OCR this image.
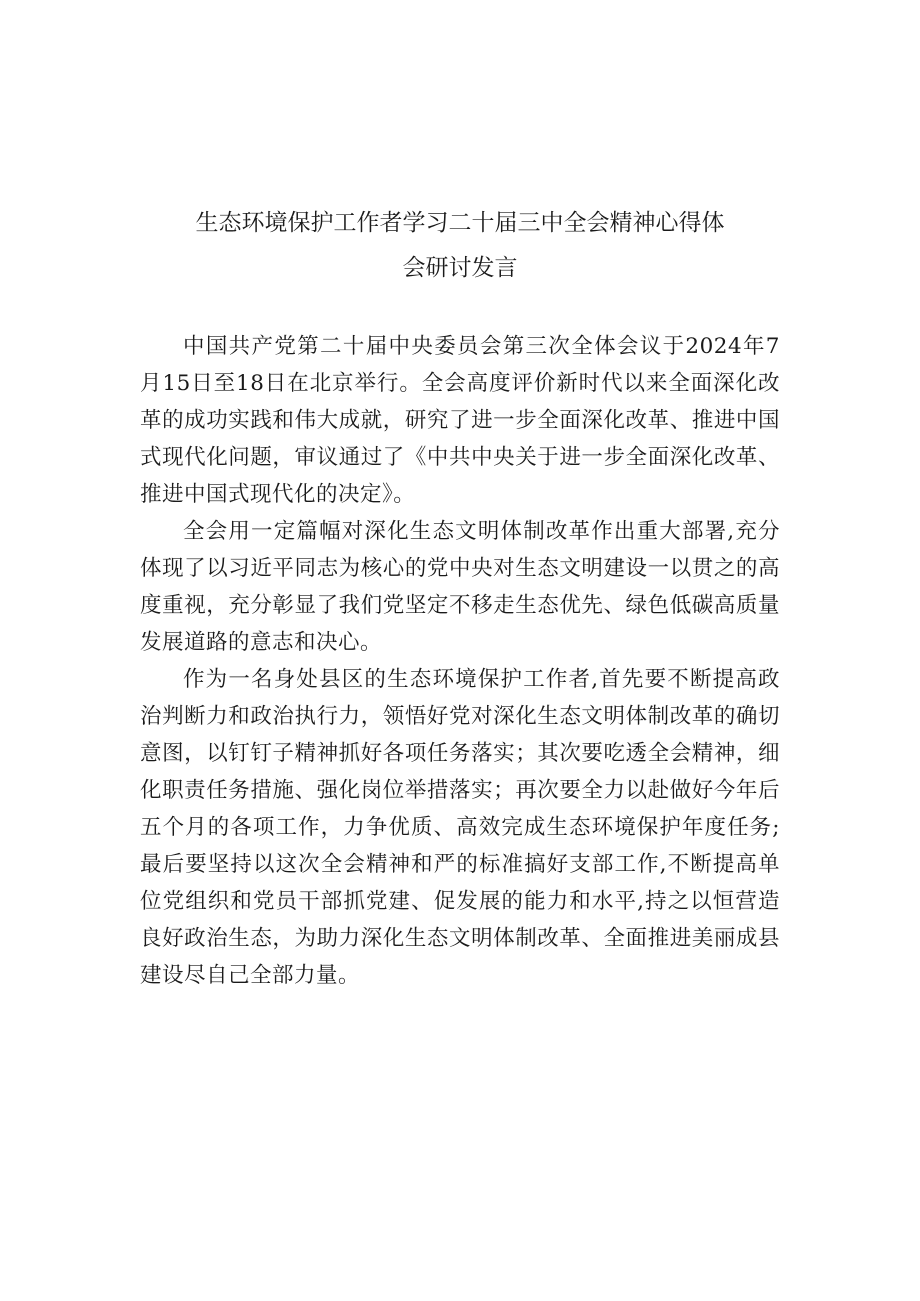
生态环境保护工作者学习二十届三中全会精神心得体
会研讨发言

中国共产党第二十届中央委员会第三次全体会议于2024年7月15日至18日在北京举行。全会高度评价新时代以来全面深化改革的成功实践和伟大成就，研究了进一步全面深化改革、推进中国式现代化问题，审议通过了《中共中央关于进一步全面深化改革、推进中国式现代化的决定》。

全会用一定篇幅对深化生态文明体制改革作出重大部署,充分体现了以习近平同志为核心的党中央对生态文明建设一以贯之的高度重视，充分彰显了我们党坚定不移走生态优先、绿色低碳高质量发展道路的意志和决心。

作为一名身处县区的生态环境保护工作者,首先要不断提高政治判断力和政治执行力，领悟好党对深化生态文明体制改革的确切意图，以钉钉子精神抓好各项任务落实；其次要吃透全会精神，细化职责任务措施、强化岗位举措落实；再次要全力以赴做好今年后五个月的各项工作，力争优质、高效完成生态环境保护年度任务;最后要坚持以这次全会精神和严的标准搞好支部工作,不断提高单位党组织和党员干部抓党建、促发展的能力和水平,持之以恒营造良好政治生态，为助力深化生态文明体制改革、全面推进美丽成县建设尽自己全部力量。
